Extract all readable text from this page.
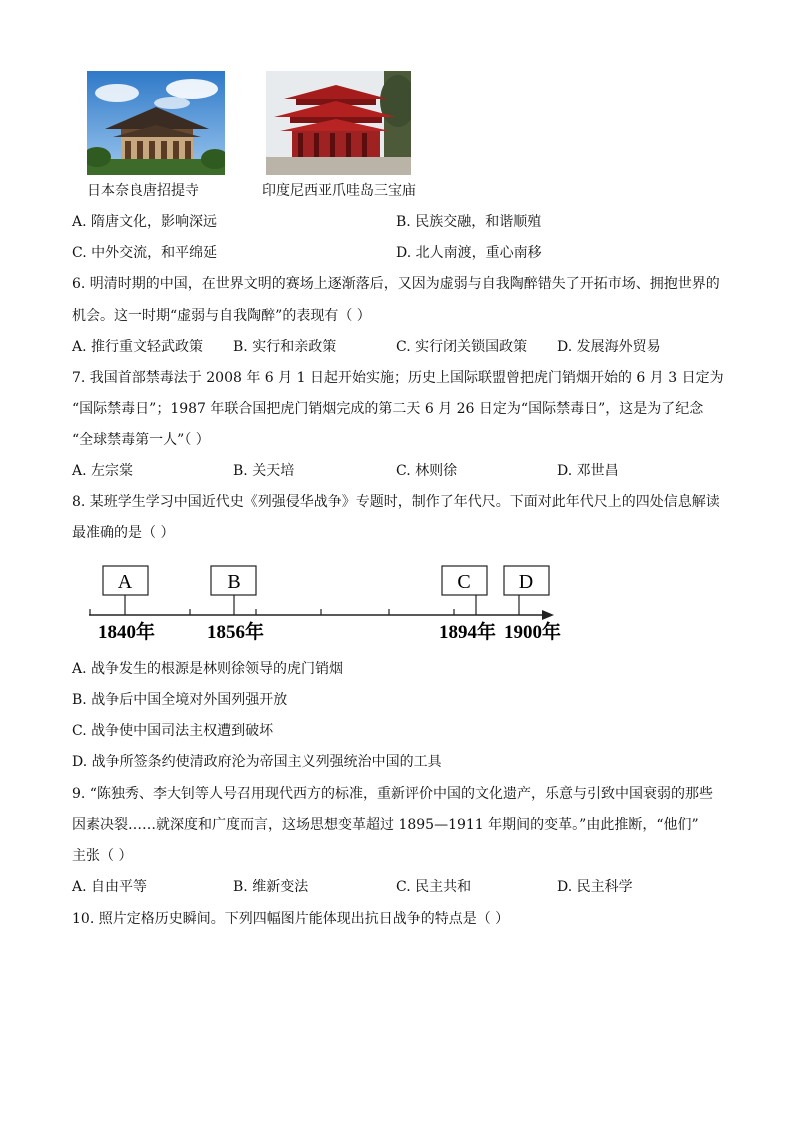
日本奈良唐招提寺	印度尼西亚爪哇岛三宝庙
A. 隋唐文化，影响深远	B. 民族交融，和谐顺殖
C. 中外交流，和平绵延	D. 北人南渡，重心南移
6. 明清时期的中国，在世界文明的赛场上逐渐落后，又因为虚弱与自我陶醉错失了开拓市场、拥抱世界的
机会。这一时期“虚弱与自我陶醉”的表现有（ ）
A. 推行重文轻武政策 B. 实行和亲政策	C. 实行闭关锁国政策 D. 发展海外贸易
7. 我国首部禁毒法于 2008 年 6 月 1 日起开始实施；历史上国际联盟曾把虎门销烟开始的 6 月 3 日定为
“国际禁毒日”；1987 年联合国把虎门销烟完成的第二天 6 月 26 日定为“国际禁毒日”，这是为了纪念
“全球禁毒第一人”（ ）
A. 左宗棠	B. 关天培	C. 林则徐	D. 邓世昌
8. 某班学生学习中国近代史《列强侵华战争》专题时，制作了年代尺。下面对此年代尺上的四处信息解读
最准确的是（ ）
A	B	C D
1840年	1856年	1894年 1900年
A. 战争发生的根源是林则徐领导的虎门销烟
B. 战争后中国全境对外国列强开放
C. 战争使中国司法主权遭到破坏
D. 战争所签条约使清政府沦为帝国主义列强统治中国的工具
9. “陈独秀、李大钊等人号召用现代西方的标准，重新评价中国的文化遗产，乐意与引致中国衰弱的那些
因素决裂……就深度和广度而言，这场思想变革超过 1895—1911 年期间的变革。”由此推断，“他们”
主张（ ）
A. 自由平等	B. 维新变法	C. 民主共和	D. 民主科学
10. 照片定格历史瞬间。下列四幅图片能体现出抗日战争的特点是（ ）
